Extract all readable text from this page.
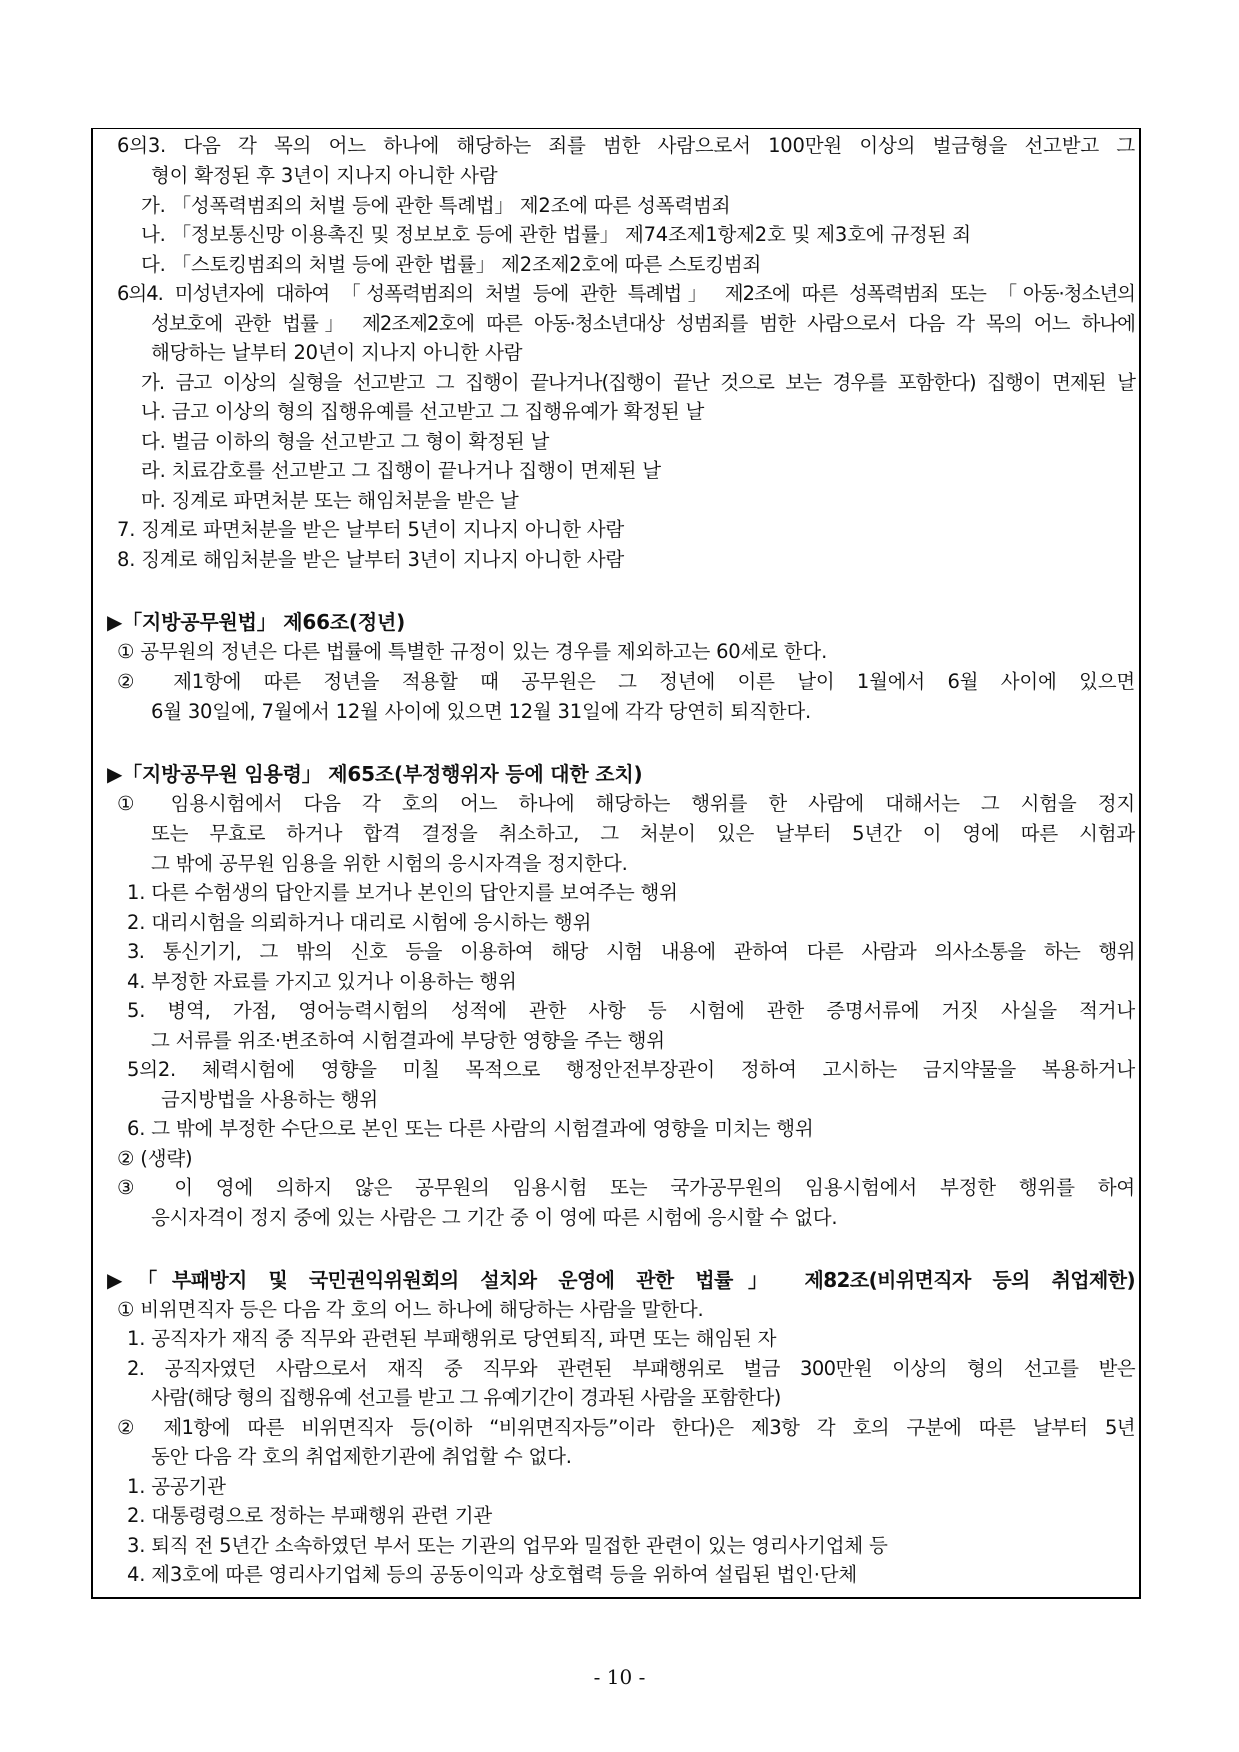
6의3. 다음 각 목의 어느 하나에 해당하는 죄를 범한 사람으로서 100만원 이상의 벌금형을 선고받고 그
형이 확정된 후 3년이 지나지 아니한 사람
가. 「성폭력범죄의 처벌 등에 관한 특례법」 제2조에 따른 성폭력범죄
나. 「정보통신망 이용촉진 및 정보보호 등에 관한 법률」 제74조제1항제2호 및 제3호에 규정된 죄
다. 「스토킹범죄의 처벌 등에 관한 법률」 제2조제2호에 따른 스토킹범죄
6의4. 미성년자에 대하여 「성폭력범죄의 처벌 등에 관한 특례법」 제2조에 따른 성폭력범죄 또는 「아동·청소년의
성보호에 관한 법률」 제2조제2호에 따른 아동·청소년대상 성범죄를 범한 사람으로서 다음 각 목의 어느 하나에
해당하는 날부터 20년이 지나지 아니한 사람
가. 금고 이상의 실형을 선고받고 그 집행이 끝나거나(집행이 끝난 것으로 보는 경우를 포함한다) 집행이 면제된 날
나. 금고 이상의 형의 집행유예를 선고받고 그 집행유예가 확정된 날
다. 벌금 이하의 형을 선고받고 그 형이 확정된 날
라. 치료감호를 선고받고 그 집행이 끝나거나 집행이 면제된 날
마. 징계로 파면처분 또는 해임처분을 받은 날
7. 징계로 파면처분을 받은 날부터 5년이 지나지 아니한 사람
8. 징계로 해임처분을 받은 날부터 3년이 지나지 아니한 사람
▶「지방공무원법」 제66조(정년)
① 공무원의 정년은 다른 법률에 특별한 규정이 있는 경우를 제외하고는 60세로 한다.
② 제1항에 따른 정년을 적용할 때 공무원은 그 정년에 이른 날이 1월에서 6월 사이에 있으면
6월 30일에, 7월에서 12월 사이에 있으면 12월 31일에 각각 당연히 퇴직한다.
▶「지방공무원 임용령」 제65조(부정행위자 등에 대한 조치)
① 임용시험에서 다음 각 호의 어느 하나에 해당하는 행위를 한 사람에 대해서는 그 시험을 정지
또는 무효로 하거나 합격 결정을 취소하고, 그 처분이 있은 날부터 5년간 이 영에 따른 시험과
그 밖에 공무원 임용을 위한 시험의 응시자격을 정지한다.
1. 다른 수험생의 답안지를 보거나 본인의 답안지를 보여주는 행위
2. 대리시험을 의뢰하거나 대리로 시험에 응시하는 행위
3. 통신기기, 그 밖의 신호 등을 이용하여 해당 시험 내용에 관하여 다른 사람과 의사소통을 하는 행위
4. 부정한 자료를 가지고 있거나 이용하는 행위
5. 병역, 가점, 영어능력시험의 성적에 관한 사항 등 시험에 관한 증명서류에 거짓 사실을 적거나
그 서류를 위조·변조하여 시험결과에 부당한 영향을 주는 행위
5의2. 체력시험에 영향을 미칠 목적으로 행정안전부장관이 정하여 고시하는 금지약물을 복용하거나
금지방법을 사용하는 행위
6. 그 밖에 부정한 수단으로 본인 또는 다른 사람의 시험결과에 영향을 미치는 행위
② (생략)
③ 이 영에 의하지 않은 공무원의 임용시험 또는 국가공무원의 임용시험에서 부정한 행위를 하여
응시자격이 정지 중에 있는 사람은 그 기간 중 이 영에 따른 시험에 응시할 수 없다.
▶「부패방지 및 국민권익위원회의 설치와 운영에 관한 법률」 제82조(비위면직자 등의 취업제한)
① 비위면직자 등은 다음 각 호의 어느 하나에 해당하는 사람을 말한다.
1. 공직자가 재직 중 직무와 관련된 부패행위로 당연퇴직, 파면 또는 해임된 자
2. 공직자였던 사람으로서 재직 중 직무와 관련된 부패행위로 벌금 300만원 이상의 형의 선고를 받은
사람(해당 형의 집행유예 선고를 받고 그 유예기간이 경과된 사람을 포함한다)
② 제1항에 따른 비위면직자 등(이하 “비위면직자등”이라 한다)은 제3항 각 호의 구분에 따른 날부터 5년
동안 다음 각 호의 취업제한기관에 취업할 수 없다.
1. 공공기관
2. 대통령령으로 정하는 부패행위 관련 기관
3. 퇴직 전 5년간 소속하였던 부서 또는 기관의 업무와 밀접한 관련이 있는 영리사기업체 등
4. 제3호에 따른 영리사기업체 등의 공동이익과 상호협력 등을 위하여 설립된 법인·단체
- 10 -
